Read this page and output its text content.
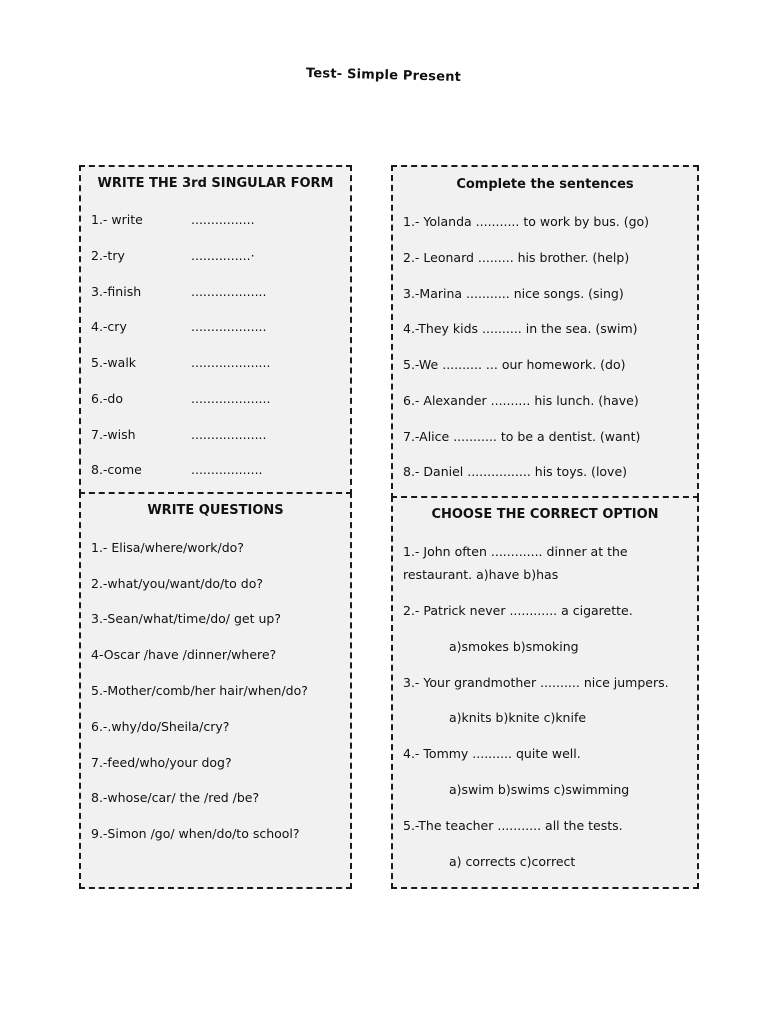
Test- Simple Present
WRITE THE 3rd SINGULAR FORM
1.- write	................
2.-try	...............·
3.-finish	...................
4.-cry	...................
5.-walk	....................
6.-do	....................
7.-wish	...................
8.-come	..................
Complete the sentences
1.- Yolanda ........... to work by bus. (go)
2.- Leonard ......... his brother. (help)
3.-Marina ........... nice songs. (sing)
4.-They kids .......... in the sea. (swim)
5.-We .......... ... our homework. (do)
6.- Alexander .......... his lunch. (have)
7.-Alice ........... to be a dentist. (want)
8.- Daniel ................ his toys. (love)
WRITE QUESTIONS
1.- Elisa/where/work/do?
2.-what/you/want/do/to do?
3.-Sean/what/time/do/ get up?
4-Oscar /have /dinner/where?
5.-Mother/comb/her hair/when/do?
6.-.why/do/Sheila/cry?
7.-feed/who/your dog?
8.-whose/car/ the /red /be?
9.-Simon /go/ when/do/to school?
CHOOSE THE CORRECT OPTION
1.- John often ............. dinner at the
restaurant. a)have b)has
2.- Patrick never ............ a cigarette.
a)smokes b)smoking
3.- Your grandmother .......... nice jumpers.
a)knits b)knite c)knife
4.- Tommy .......... quite well.
a)swim b)swims c)swimming
5.-The teacher ........... all the tests.
a) corrects c)correct
